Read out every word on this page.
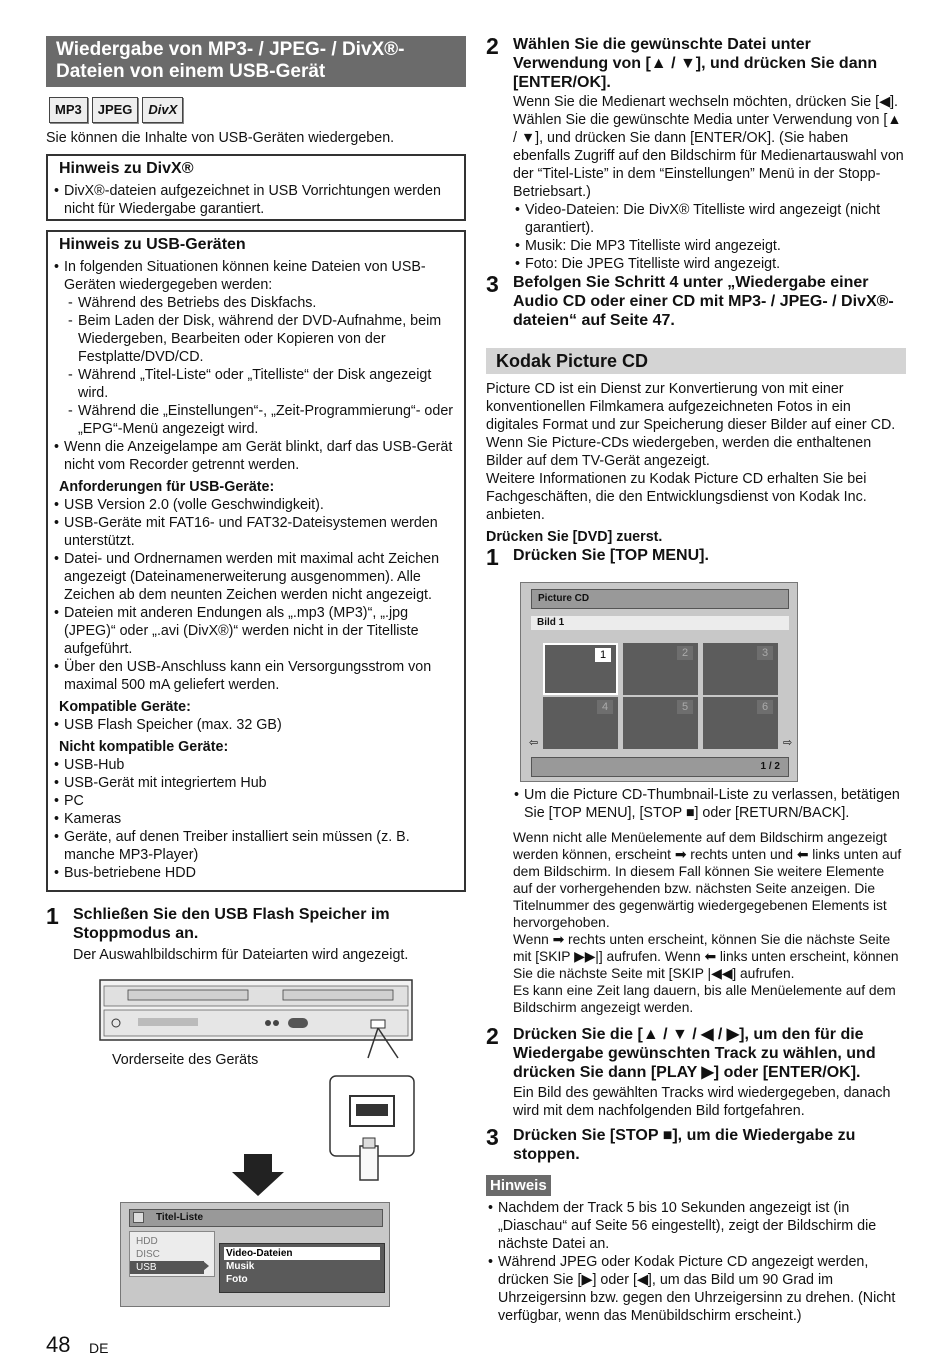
Wiedergabe von MP3- / JPEG- / DivX®-Dateien von einem USB-Gerät
MP3	JPEG	DivX
Sie können die Inhalte von USB-Geräten wiedergeben.
Hinweis zu DivX®
• DivX®-dateien aufgezeichnet in USB Vorrichtungen werden nicht für Wiedergabe garantiert.
Hinweis zu USB-Geräten
• In folgenden Situationen können keine Dateien von USB-Geräten wiedergegeben werden:
- Während des Betriebs des Diskfachs.
- Beim Laden der Disk, während der DVD-Aufnahme, beim Wiedergeben, Bearbeiten oder Kopieren von der Festplatte/DVD/CD.
- Während „Titel-Liste“ oder „Titelliste“ der Disk angezeigt wird.
- Während die „Einstellungen“-, „Zeit-Programmierung“- oder „EPG“-Menü angezeigt wird.
• Wenn die Anzeigelampe am Gerät blinkt, darf das USB-Gerät nicht vom Recorder getrennt werden.
Anforderungen für USB-Geräte:
• USB Version 2.0 (volle Geschwindigkeit).
• USB-Geräte mit FAT16- und FAT32-Dateisystemen werden unterstützt.
• Datei- und Ordnernamen werden mit maximal acht Zeichen angezeigt (Dateinamenerweiterung ausgenommen). Alle Zeichen ab dem neunten Zeichen werden nicht angezeigt.
• Dateien mit anderen Endungen als „.mp3 (MP3)“, „.jpg (JPEG)“ oder „.avi (DivX®)“ werden nicht in der Titelliste aufgeführt.
• Über den USB-Anschluss kann ein Versorgungsstrom von maximal 500 mA geliefert werden.
Kompatible Geräte:
• USB Flash Speicher (max. 32 GB)
Nicht kompatible Geräte:
• USB-Hub
• USB-Gerät mit integriertem Hub
• PC
• Kameras
• Geräte, auf denen Treiber installiert sein müssen (z. B. manche MP3-Player)
• Bus-betriebene HDD
1 Schließen Sie den USB Flash Speicher im Stoppmodus an.
Der Auswahlbildschirm für Dateiarten wird angezeigt.
Vorderseite des Geräts
Titel-Liste
HDD
DISC
USB
Video-Dateien
Musik
Foto
48 DE
2 Wählen Sie die gewünschte Datei unter Verwendung von [▲ / ▼], und drücken Sie dann [ENTER/OK].
Wenn Sie die Medienart wechseln möchten, drücken Sie [◀]. Wählen Sie die gewünschte Media unter Verwendung von [▲ / ▼], und drücken Sie dann [ENTER/OK]. (Sie haben ebenfalls Zugriff auf den Bildschirm für Medienartauswahl von der “Titel-Liste” in dem “Einstellungen” Menü in der Stopp-Betriebsart.)
• Video-Dateien: Die DivX® Titelliste wird angezeigt (nicht garantiert).
• Musik: Die MP3 Titelliste wird angezeigt.
• Foto: Die JPEG Titelliste wird angezeigt.
3 Befolgen Sie Schritt 4 unter „Wiedergabe einer Audio CD oder einer CD mit MP3- / JPEG- / DivX®-dateien“ auf Seite 47.
Kodak Picture CD
Picture CD ist ein Dienst zur Konvertierung von mit einer konventionellen Filmkamera aufgezeichneten Fotos in ein digitales Format und zur Speicherung dieser Bilder auf einer CD. Wenn Sie Picture-CDs wiedergeben, werden die enthaltenen Bilder auf dem TV-Gerät angezeigt.
Weitere Informationen zu Kodak Picture CD erhalten Sie bei Fachgeschäften, die den Entwicklungsdienst von Kodak Inc. anbieten.
Drücken Sie [DVD] zuerst.
1 Drücken Sie [TOP MENU].
Picture CD
Bild 1
1	2	3
4	5	6
⇦	⇨
1 / 2
• Um die Picture CD-Thumbnail-Liste zu verlassen, betätigen Sie [TOP MENU], [STOP ■] oder [RETURN/BACK].
Wenn nicht alle Menüelemente auf dem Bildschirm angezeigt werden können, erscheint ➡ rechts unten und ⬅ links unten auf dem Bildschirm. In diesem Fall können Sie weitere Elemente auf der vorhergehenden bzw. nächsten Seite anzeigen. Die Titelnummer des gegenwärtig wiedergegebenen Elements ist hervorgehoben.
Wenn ➡ rechts unten erscheint, können Sie die nächste Seite mit [SKIP ▶▶|] aufrufen. Wenn ⬅ links unten erscheint, können Sie die nächste Seite mit [SKIP |◀◀] aufrufen.
Es kann eine Zeit lang dauern, bis alle Menüelemente auf dem Bildschirm angezeigt werden.
2 Drücken Sie die [▲ / ▼ / ◀ / ▶], um den für die Wiedergabe gewünschten Track zu wählen, und drücken Sie dann [PLAY ▶] oder [ENTER/OK].
Ein Bild des gewählten Tracks wird wiedergegeben, danach wird mit dem nachfolgenden Bild fortgefahren.
3 Drücken Sie [STOP ■], um die Wiedergabe zu stoppen.
Hinweis
• Nachdem der Track 5 bis 10 Sekunden angezeigt ist (in „Diaschau“ auf Seite 56 eingestellt), zeigt der Bildschirm die nächste Datei an.
• Während JPEG oder Kodak Picture CD angezeigt werden, drücken Sie [▶] oder [◀], um das Bild um 90 Grad im Uhrzeigersinn bzw. gegen den Uhrzeigersinn zu drehen. (Nicht verfügbar, wenn das Menübildschirm erscheint.)
